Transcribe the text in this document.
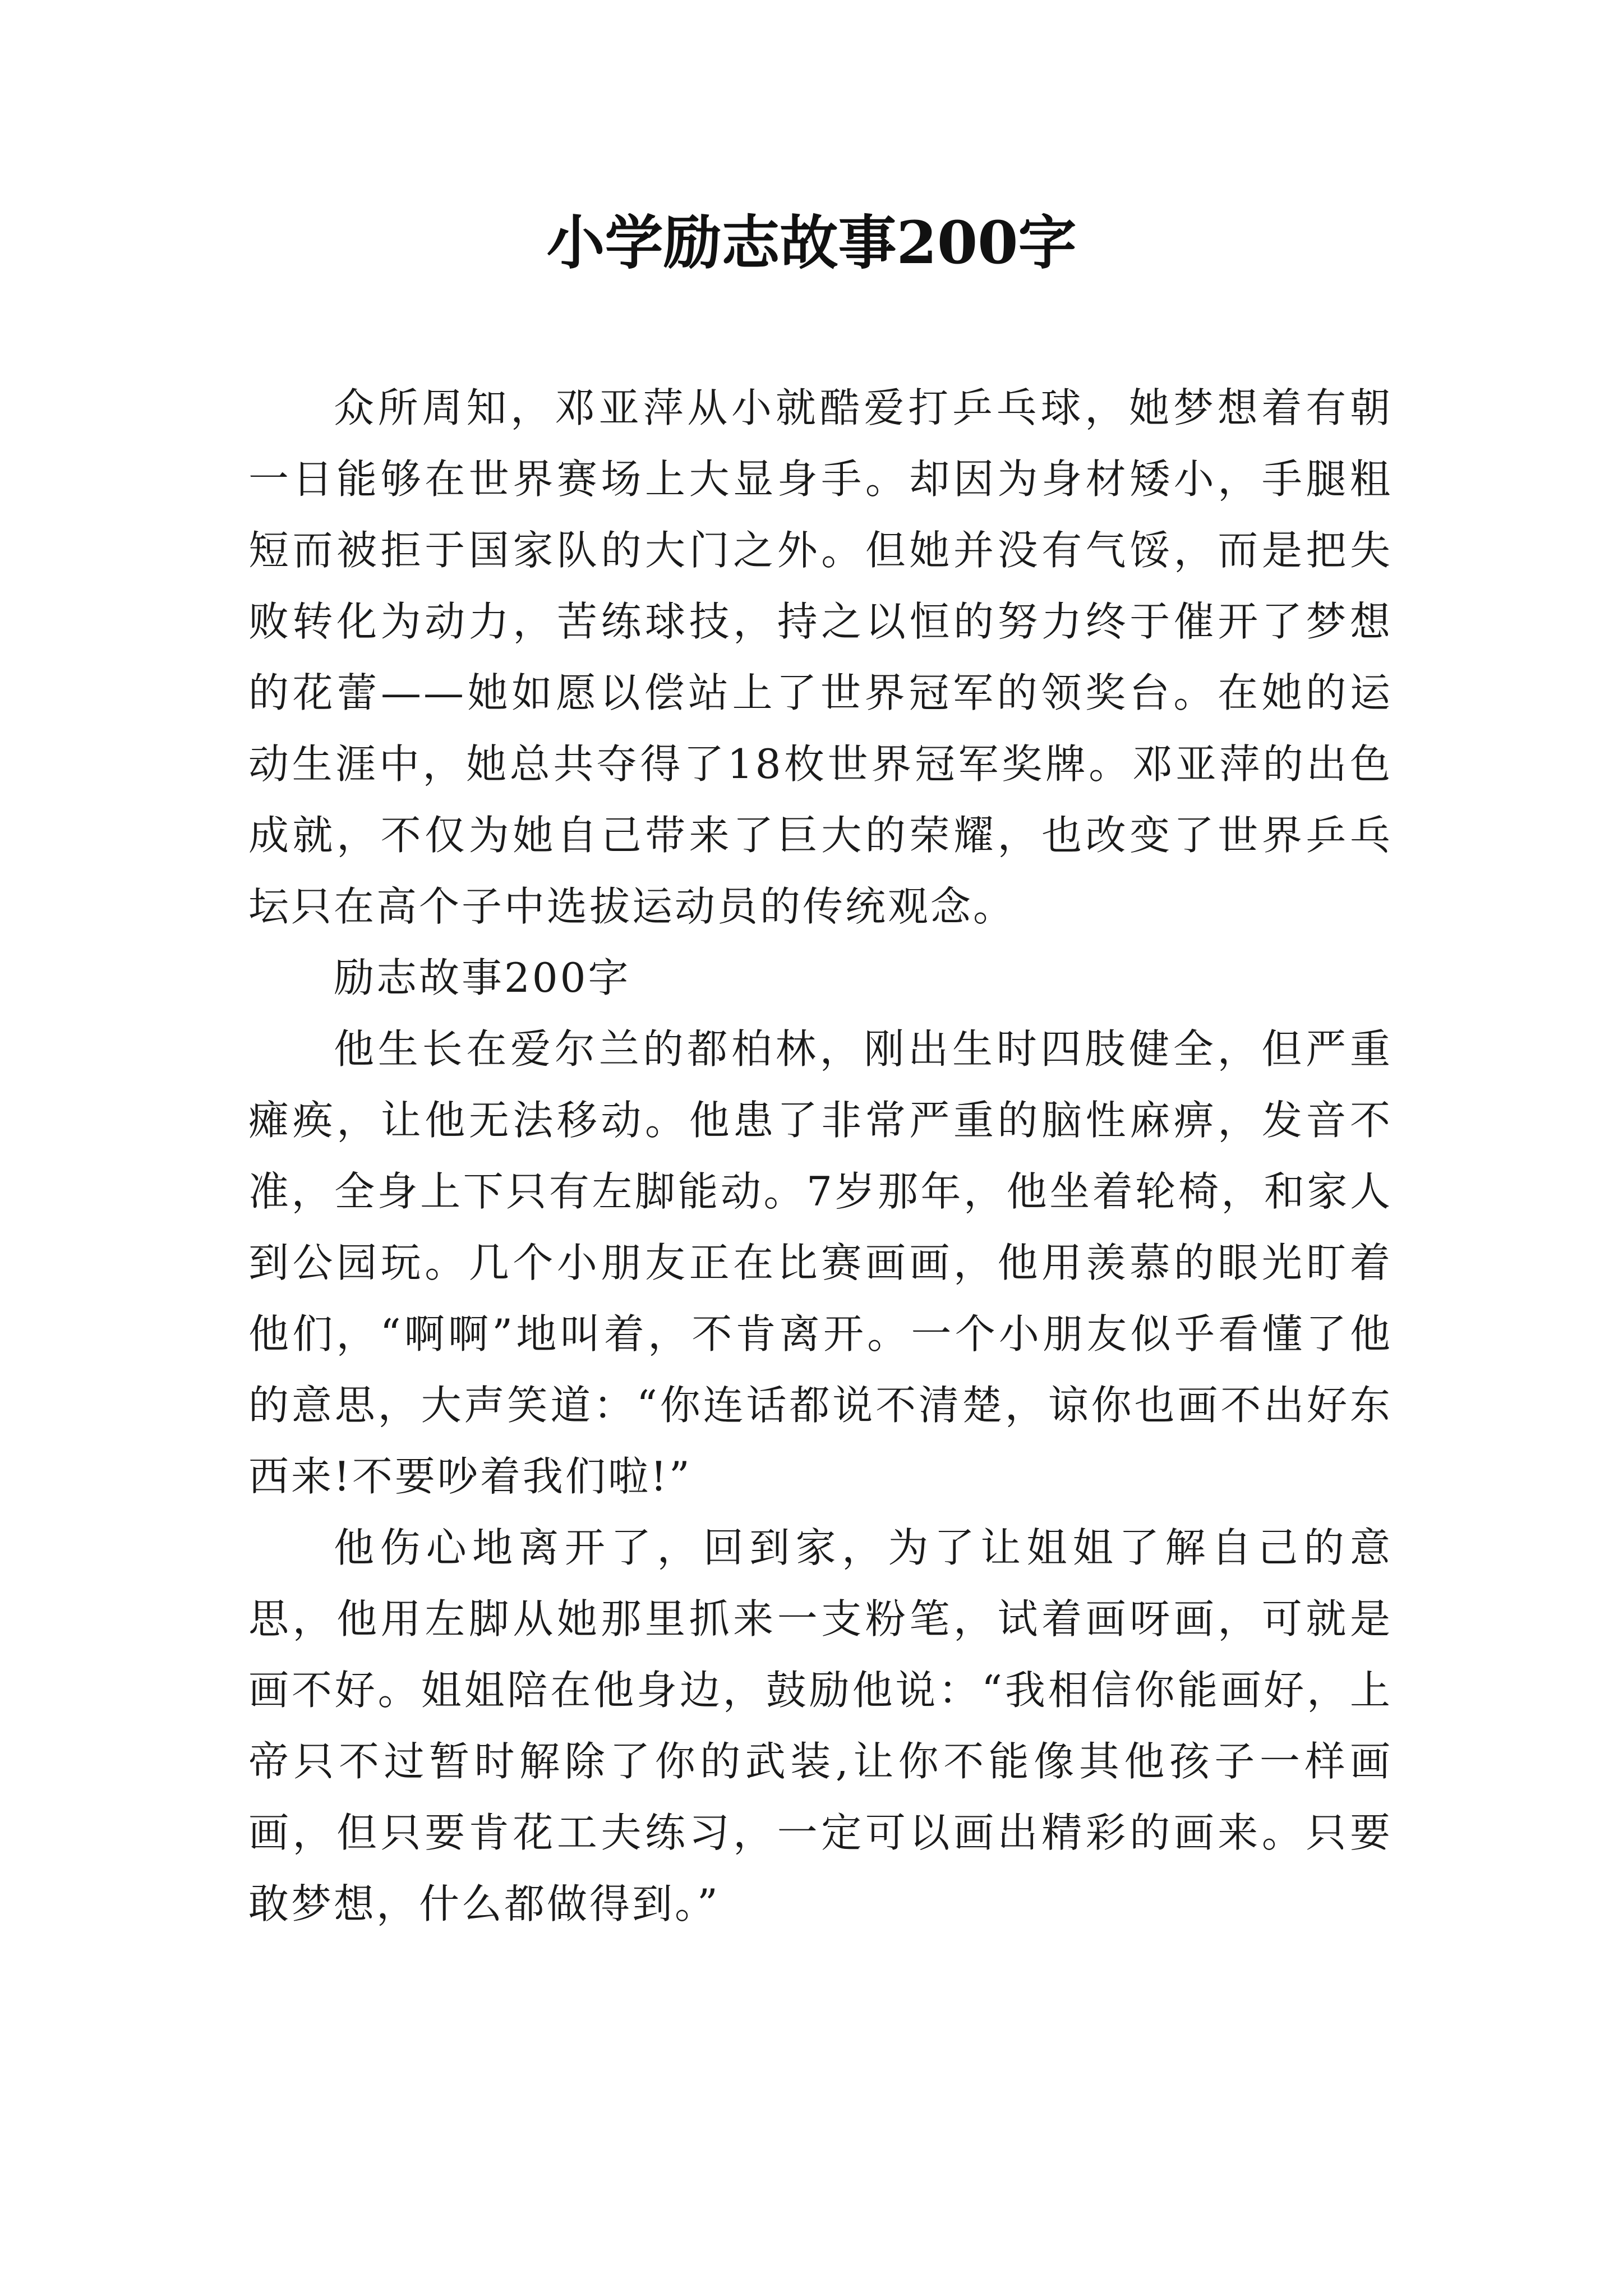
小学励志故事200字

众所周知，邓亚萍从小就酷爱打乒乓球，她梦想着有朝一日能够在世界赛场上大显身手。却因为身材矮小，手腿粗短而被拒于国家队的大门之外。但她并没有气馁，而是把失败转化为动力，苦练球技，持之以恒的努力终于催开了梦想的花蕾——她如愿以偿站上了世界冠军的领奖台。在她的运动生涯中，她总共夺得了18枚世界冠军奖牌。邓亚萍的出色成就，不仅为她自己带来了巨大的荣耀，也改变了世界乒乓坛只在高个子中选拔运动员的传统观念。

励志故事200字

他生长在爱尔兰的都柏林，刚出生时四肢健全，但严重瘫痪，让他无法移动。他患了非常严重的脑性麻痹，发音不准，全身上下只有左脚能动。7岁那年，他坐着轮椅，和家人到公园玩。几个小朋友正在比赛画画，他用羡慕的眼光盯着他们，“啊啊”地叫着，不肯离开。一个小朋友似乎看懂了他的意思，大声笑道：“你连话都说不清楚，谅你也画不出好东西来!不要吵着我们啦!”

他伤心地离开了，回到家，为了让姐姐了解自己的意思，他用左脚从她那里抓来一支粉笔，试着画呀画，可就是画不好。姐姐陪在他身边，鼓励他说：“我相信你能画好，上帝只不过暂时解除了你的武装,让你不能像其他孩子一样画画，但只要肯花工夫练习，一定可以画出精彩的画来。只要敢梦想，什么都做得到。”
